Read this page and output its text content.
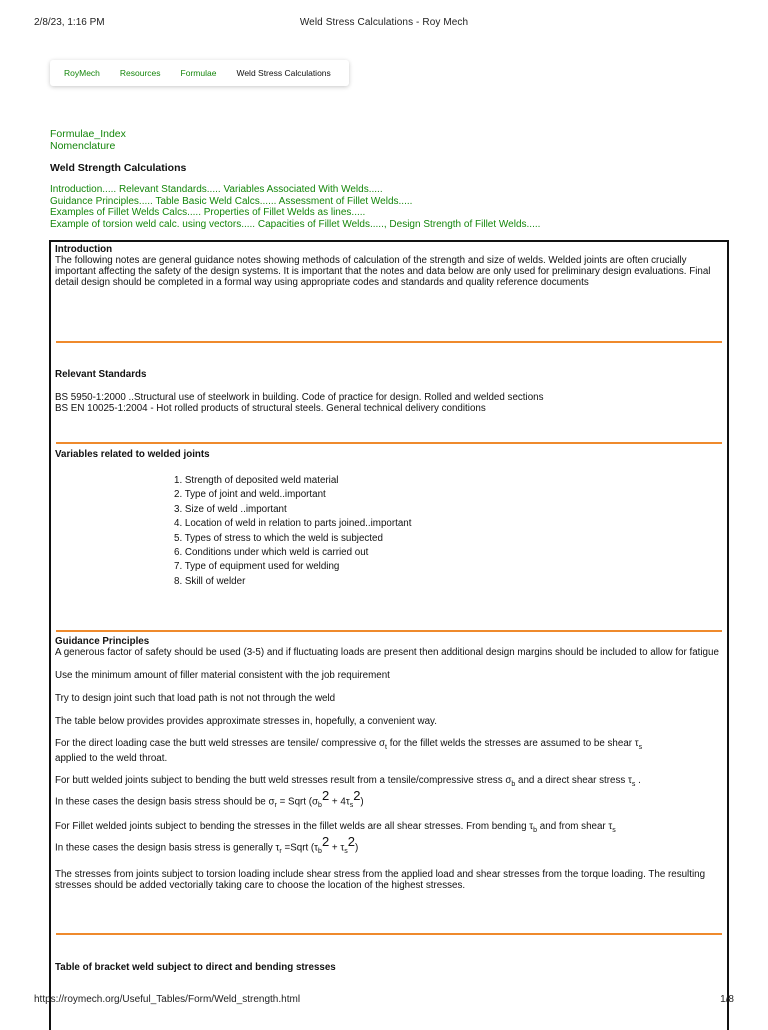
2/8/23, 1:16 PM	Weld Stress Calculations - Roy Mech
RoyMech	Resources	Formulae	Weld Stress Calculations
Formulae_Index
Nomenclature
Weld Strength Calculations
Introduction..... Relevant Standards..... Variables Associated With Welds.....
Guidance Principles..... Table Basic Weld Calcs...... Assessment of Fillet Welds.....
Examples of Fillet Welds Calcs..... Properties of Fillet Welds as lines.....
Example of torsion weld calc. using vectors..... Capacities of Fillet Welds....., Design Strength of Fillet Welds.....
Introduction
The following notes are general guidance notes showing methods of calculation of the strength and size of welds. Welded joints are often crucially important affecting the safety of the design systems. It is important that the notes and data below are only used for preliminary design evaluations. Final detail design should be completed in a formal way using appropriate codes and standards and quality reference documents
Relevant Standards
BS 5950-1:2000 ..Structural use of steelwork in building. Code of practice for design. Rolled and welded sections
BS EN 10025-1:2004 - Hot rolled products of structural steels. General technical delivery conditions
Variables related to welded joints
1. Strength of deposited weld material
2. Type of joint and weld..important
3. Size of weld ..important
4. Location of weld in relation to parts joined..important
5. Types of stress to which the weld is subjected
6. Conditions under which weld is carried out
7. Type of equipment used for welding
8. Skill of welder
Guidance Principles
A generous factor of safety should be used (3-5) and if fluctuating loads are present then additional design margins should be included to allow for fatigue
Use the minimum amount of filler material consistent with the job requirement
Try to design joint such that load path is not not through the weld
The table below provides provides approximate stresses in, hopefully, a convenient way.
For the direct loading case the butt weld stresses are tensile/ compressive $\sigma_t$ for the fillet welds the stresses are assumed to be shear $\tau_s$
applied to the weld throat.
For butt welded joints subject to bending the butt weld stresses result from a tensile/compressive stress $\sigma_b$ and a direct shear stress $\tau_s$ .
In these cases the design basis stress should be $\sigma_r$ = Sqrt $(\sigma_b^2 + 4\tau_s^2)$
For Fillet welded joints subject to bending the stresses in the fillet welds are all shear stresses. From bending $\tau_b$ and from shear $\tau_s$
In these cases the design basis stress is generally $\tau_r$ =Sqrt $(\tau_b^2 + \tau_s^2)$
The stresses from joints subject to torsion loading include shear stress from the applied load and shear stresses from the torque loading. The resulting stresses should be added vectorially taking care to choose the location of the highest stresses.
Table of bracket weld subject to direct and bending stresses
https://roymech.org/Useful_Tables/Form/Weld_strength.html	1/8
